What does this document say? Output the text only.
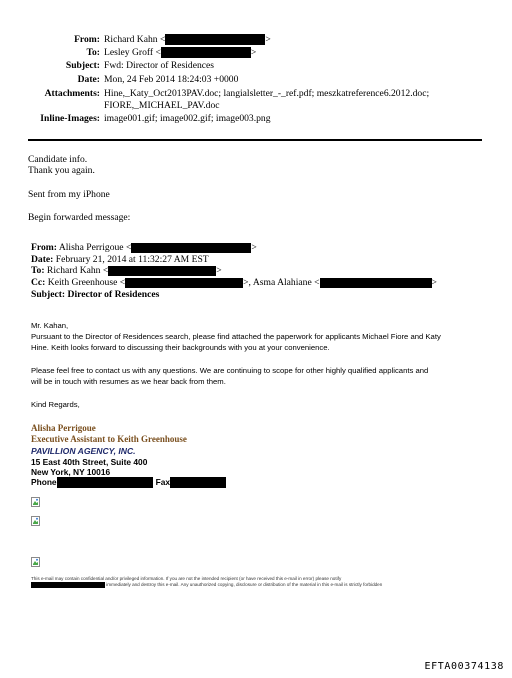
From: Richard Kahn <	>
To: Lesley Groff <	>
Subject: Fwd: Director of Residences
Date: Mon, 24 Feb 2014 18:24:03 +0000
Attachments: Hine,_Katy_Oct2013PAV.doc; langialsletter_-_ref.pdf; meszkatreference6.2012.doc;
FIORE,_MICHAEL_PAV.doc
Inline-Images: image001.gif; image002.gif; image003.png
Candidate info.
Thank you again.
Sent from my iPhone
Begin forwarded message:
From: Alisha Perrigoue <	>
Date: February 21, 2014 at 11:32:27 AM EST
To: Richard Kahn <	>
Cc: Keith Greenhouse <	>, Asma Alahiane <	>
Subject: Director of Residences
Mr. Kahan,
Pursuant to the Director of Residences search, please find attached the paperwork for applicants Michael Fiore and Katy
Hine. Keith looks forward to discussing their backgrounds with you at your convenience.
Please feel free to contact us with any questions. We are continuing to scope for other highly qualified applicants and
will be in touch with resumes as we hear back from them.
Kind Regards,
Alisha Perrigoue
Executive Assistant to Keith Greenhouse
PAVILLION AGENCY, INC.
15 East 40th Street, Suite 400
New York, NY 10016
Phone	Fax
This e-mail may contain confidential and/or privileged information. If you are not the intended recipient (or have received this e-mail in error) please notify
immediately and destroy this e-mail. Any unauthorized copying, disclosure or distribution of the material in this e-mail is strictly forbidden
EFTA00374138
